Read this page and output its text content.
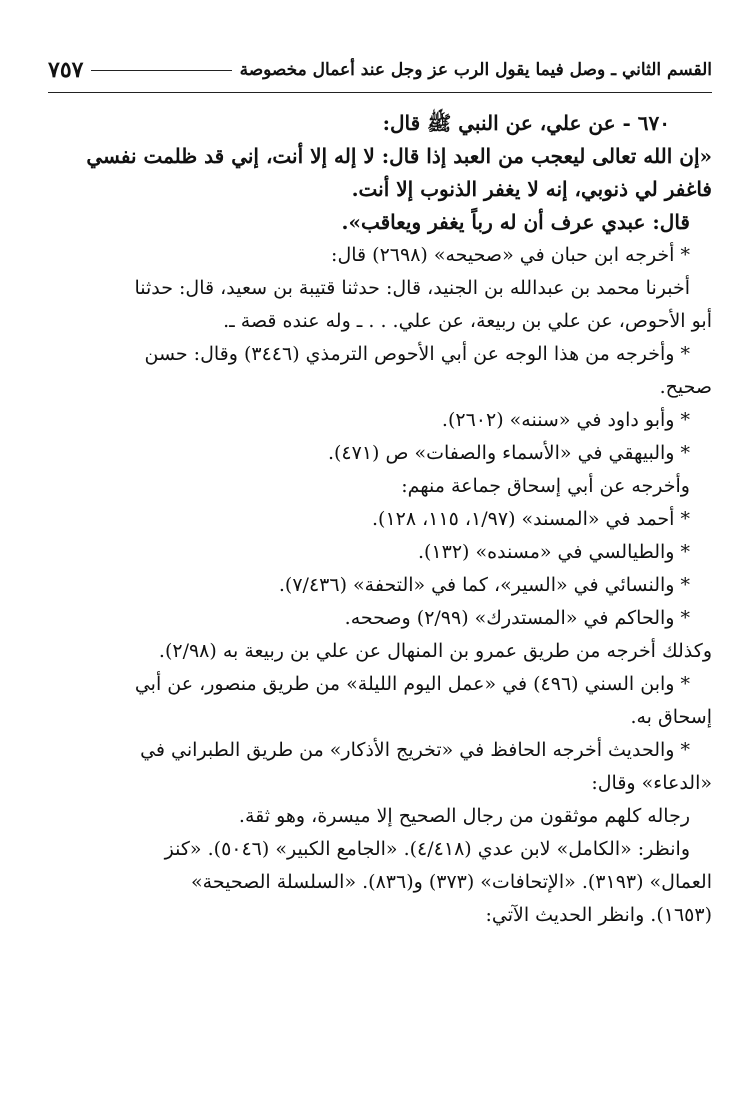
٧٥٧	القسم الثاني ـ وصل فيما يقول الرب عز وجل عند أعمال مخصوصة

٦٧٠ - عن علي، عن النبي ﷺ قال:

«إن الله تعالى ليعجب من العبد إذا قال: لا إله إلا أنت، إني قد ظلمت نفسي

فاغفر لي ذنوبي، إنه لا يغفر الذنوب إلا أنت.

قال: عبدي عرف أن له رباً يغفر ويعاقب».

* أخرجه ابن حبان في «صحيحه» (٢٦٩٨) قال:

أخبرنا محمد بن عبدالله بن الجنيد، قال: حدثنا قتيبة بن سعيد، قال: حدثنا

أبو الأحوص، عن علي بن ربيعة، عن علي. . . ـ وله عنده قصة ـ.

* وأخرجه من هذا الوجه عن أبي الأحوص الترمذي (٣٤٤٦) وقال: حسن

صحيح.

* وأبو داود في «سننه» (٢٦٠٢).

* والبيهقي في «الأسماء والصفات» ص (٤٧١).

وأخرجه عن أبي إسحاق جماعة منهم:

* أحمد في «المسند» (١/٩٧، ١١٥، ١٢٨).

* والطيالسي في «مسنده» (١٣٢).

* والنسائي في «السير»، كما في «التحفة» (٧/٤٣٦).

* والحاكم في «المستدرك» (٢/٩٩) وصححه.

وكذلك أخرجه من طريق عمرو بن المنهال عن علي بن ربيعة به (٢/٩٨).

* وابن السني (٤٩٦) في «عمل اليوم الليلة» من طريق منصور، عن أبي

إسحاق به.

* والحديث أخرجه الحافظ في «تخريج الأذكار» من طريق الطبراني في

«الدعاء» وقال:

رجاله كلهم موثقون من رجال الصحيح إلا ميسرة، وهو ثقة.

وانظر: «الكامل» لابن عدي (٤/٤١٨). «الجامع الكبير» (٥٠٤٦). «كنز

العمال» (٣١٩٣). «الإتحافات» (٣٧٣) و(٨٣٦). «السلسلة الصحيحة»

(١٦٥٣). وانظر الحديث الآتي:
